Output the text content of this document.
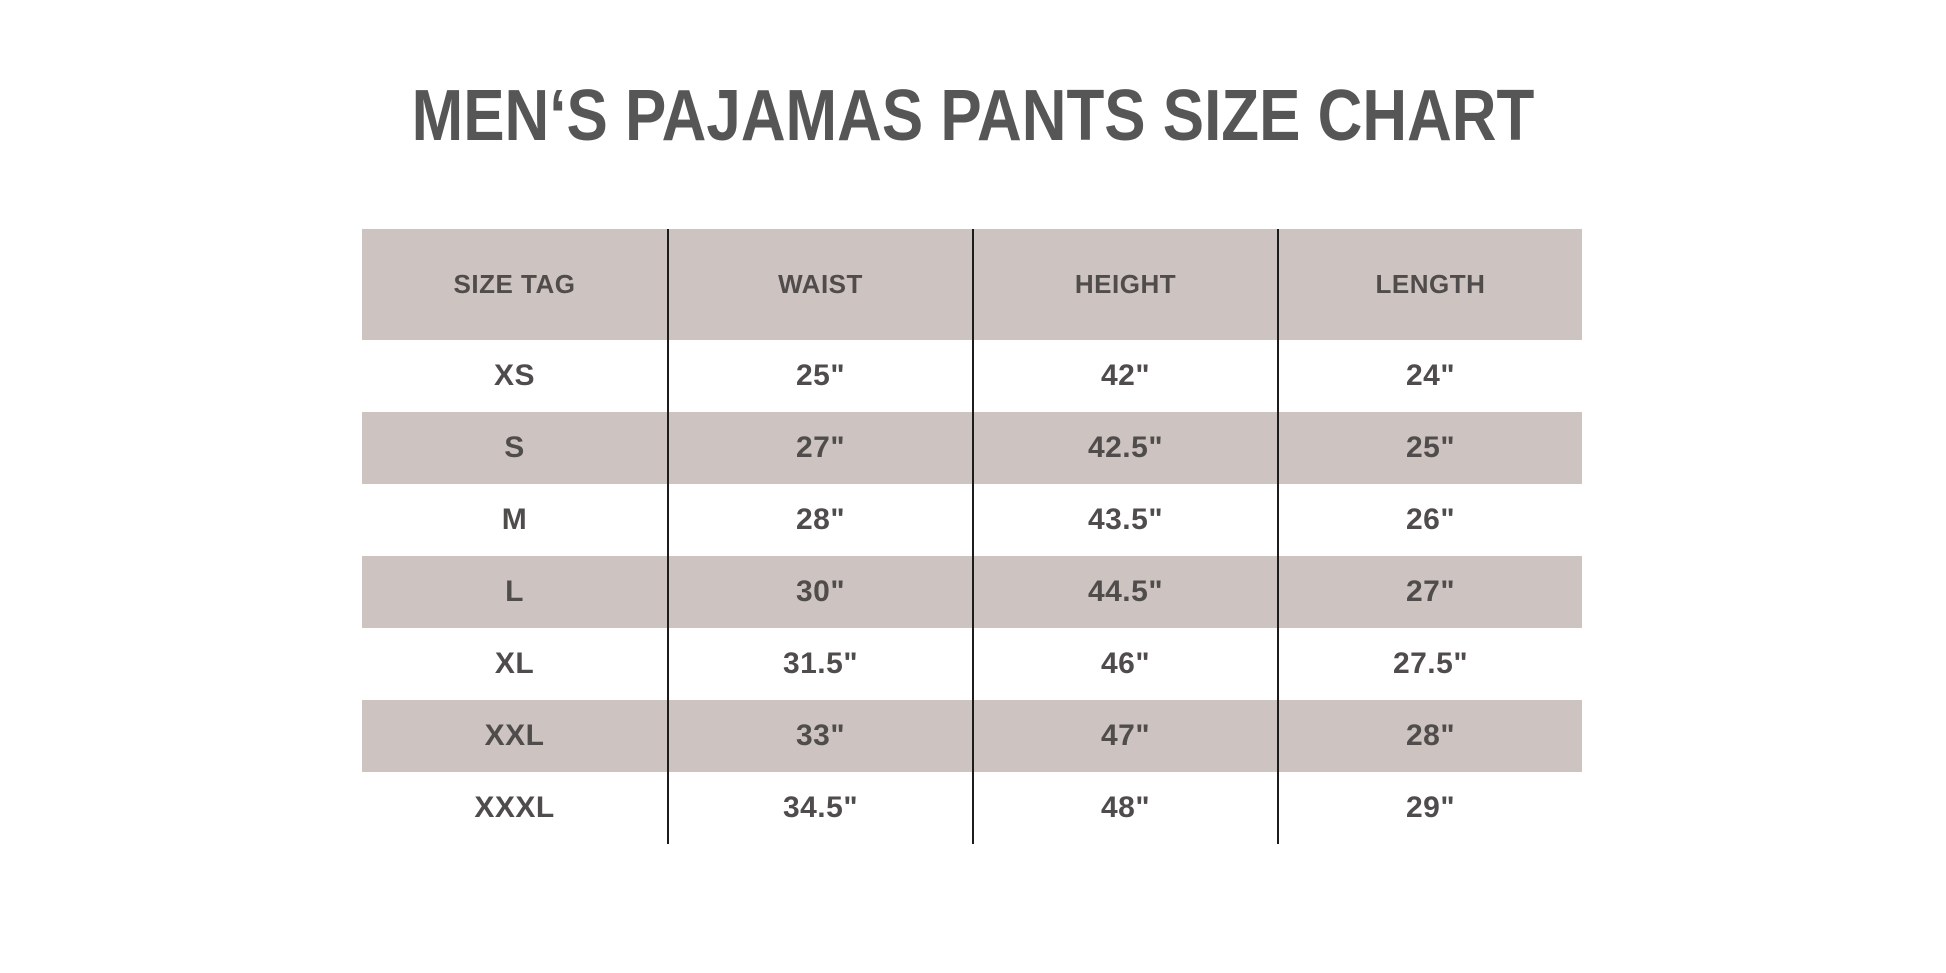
MEN‘S PAJAMAS PANTS SIZE CHART
SIZE TAG	WAIST	HEIGHT	LENGTH
XS	25"	42"	24"
S	27"	42.5"	25"
M	28"	43.5"	26"
L	30"	44.5"	27"
XL	31.5"	46"	27.5"
XXL	33"	47"	28"
XXXL	34.5"	48"	29"
